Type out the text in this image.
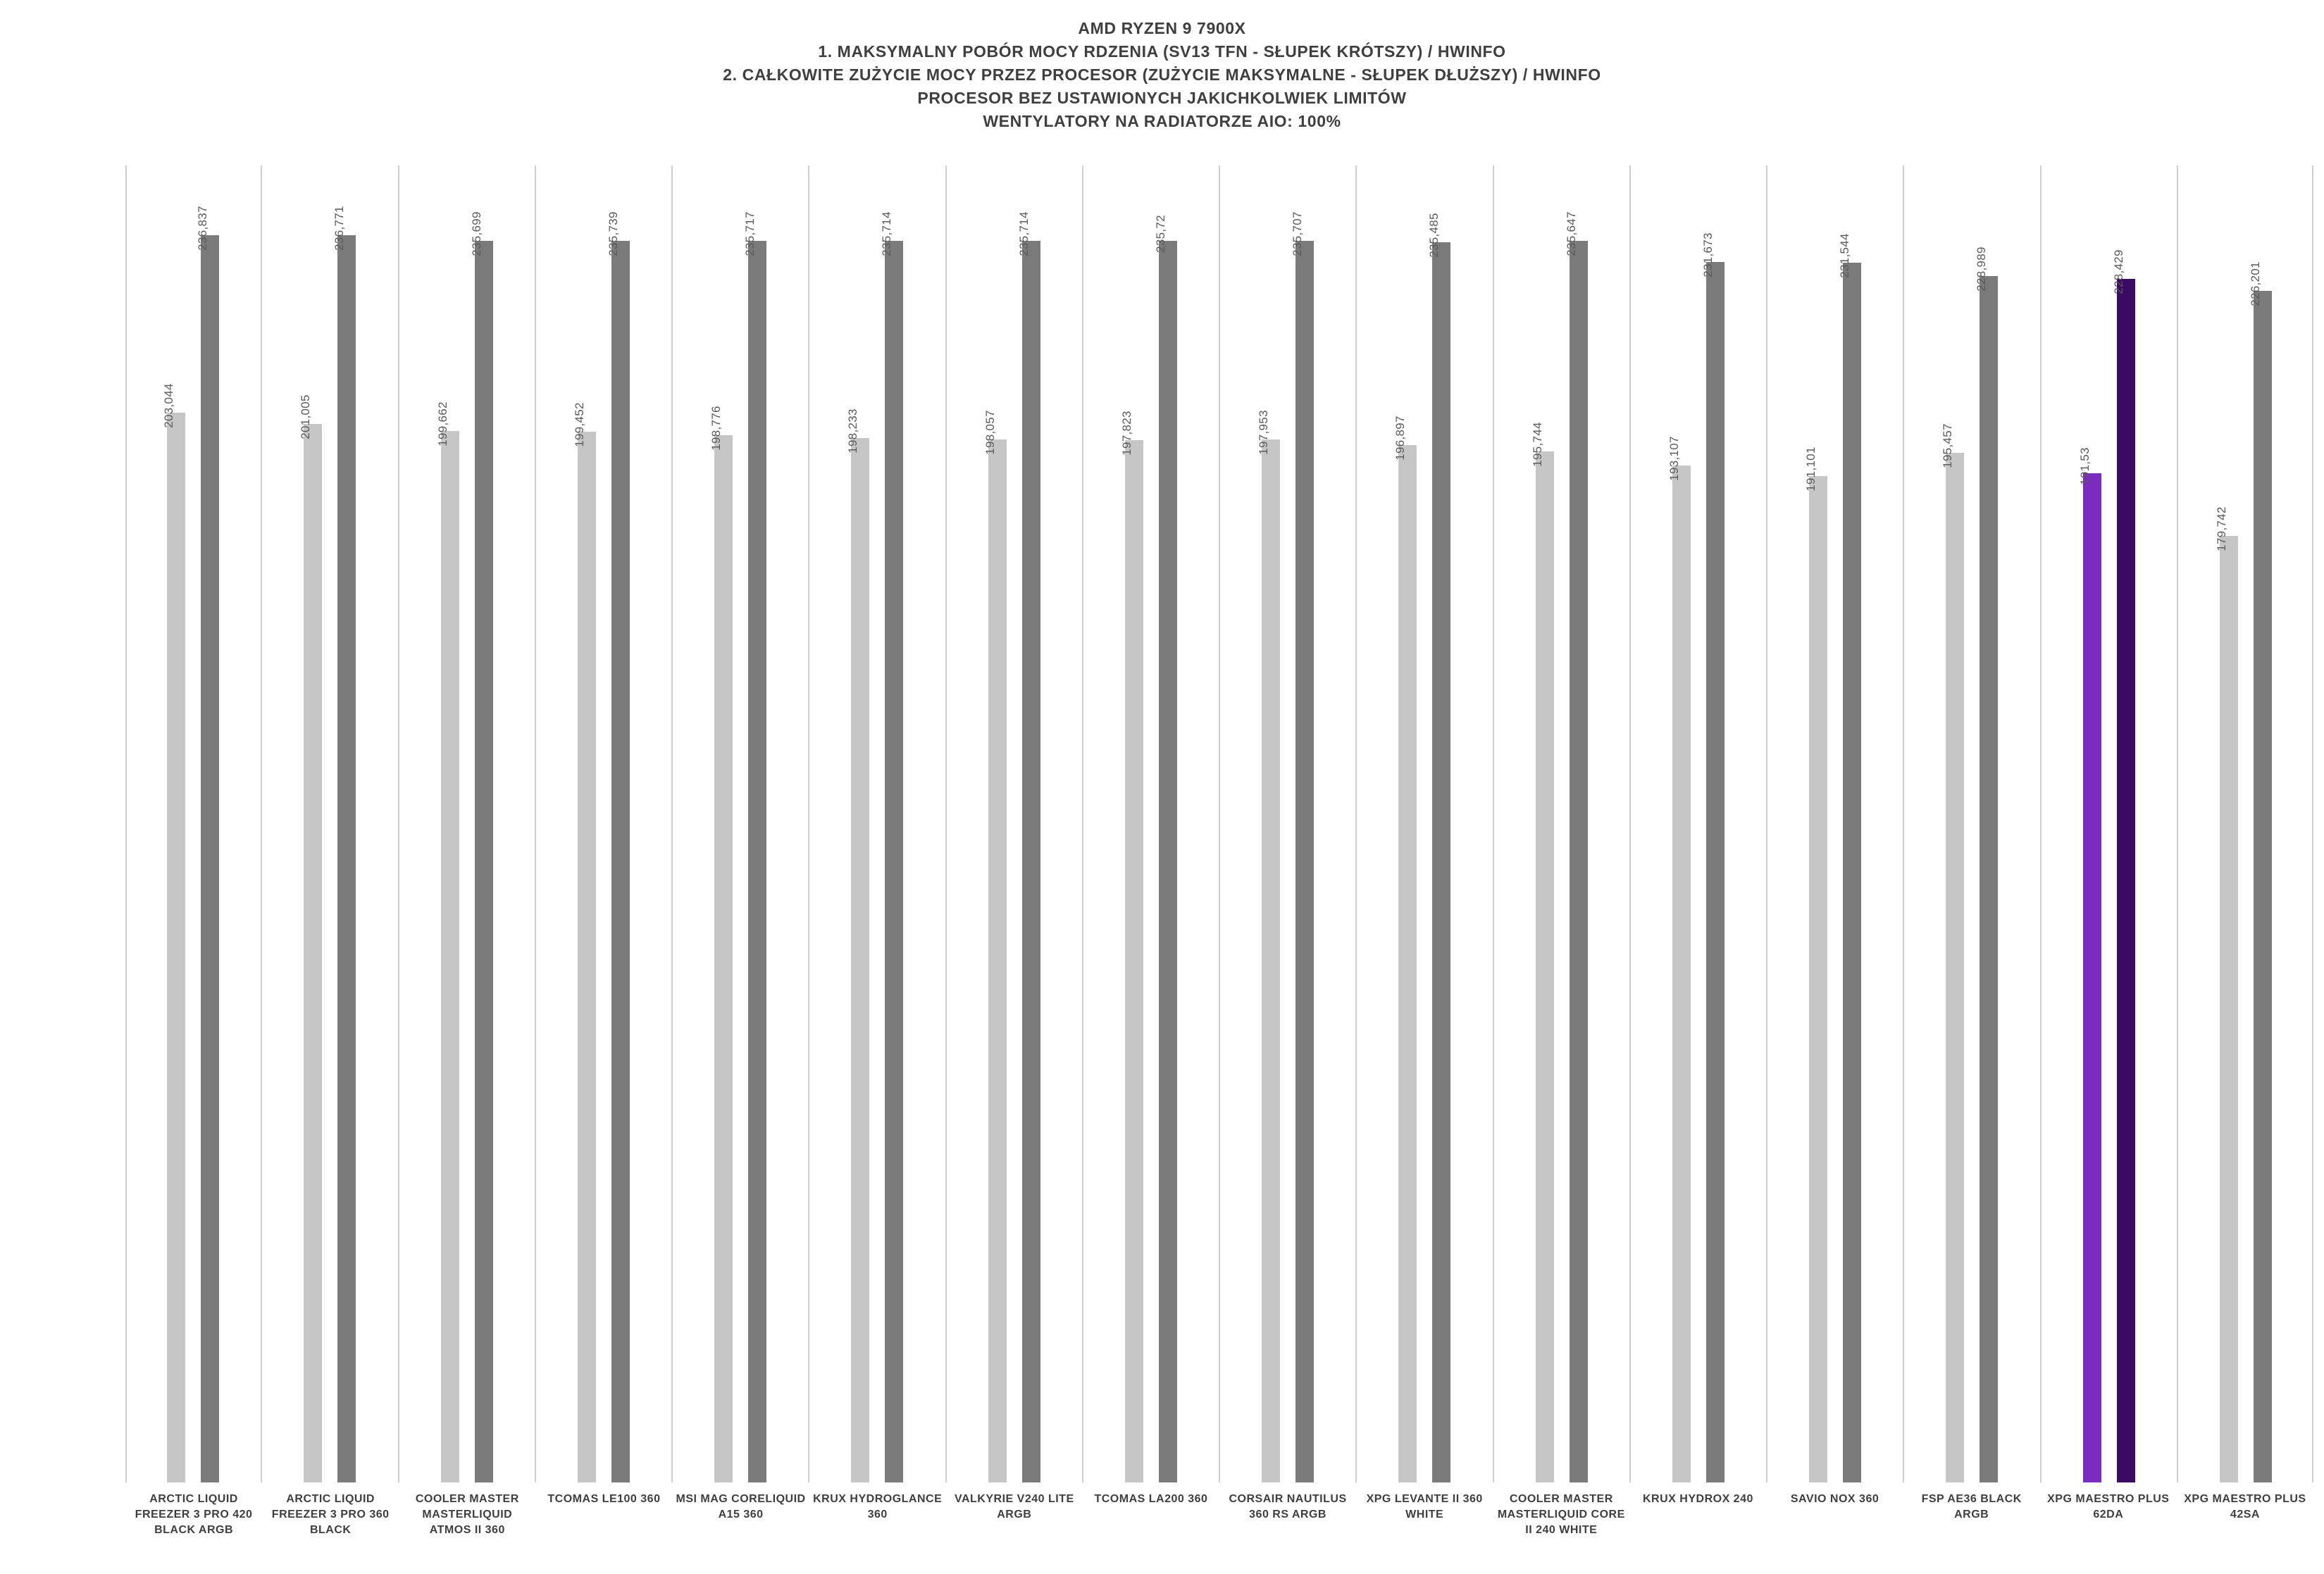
AMD RYZEN 9 7900X
1. MAKSYMALNY POBÓR MOCY RDZENIA (SV13 TFN - SŁUPEK KRÓTSZY) / HWINFO
2. CAŁKOWITE ZUŻYCIE MOCY PRZEZ PROCESOR (ZUŻYCIE MAKSYMALNE - SŁUPEK DŁUŻSZY) / HWINFO
PROCESOR BEZ USTAWIONYCH JAKICHKOLWIEK LIMITÓW
WENTYLATORY NA RADIATORZE AIO: 100%
203,044
236,837
201,005
236,771
199,662
235,699
199,452
235,739
198,776
235,717
198,233
235,714
198,057
235,714
197,823
235,72
197,953
235,707
196,897
235,485
195,744
235,647
193,107
231,673
191,101
231,544
195,457
228,989
191,53
228,429
179,742
226,201
ARCTIC LIQUID FREEZER 3 PRO 420 BLACK ARGB
ARCTIC LIQUID FREEZER 3 PRO 360 BLACK
COOLER MASTER MASTERLIQUID ATMOS II 360
TCOMAS LE100 360	MSI MAG CORELIQUID A15 360
KRUX HYDROGLANCE 360
VALKYRIE V240 LITE ARGB
TCOMAS LA200 360	CORSAIR NAUTILUS 360 RS ARGB
XPG LEVANTE II 360 WHITE
COOLER MASTER MASTERLIQUID CORE II 240 WHITE
KRUX HYDROX 240	SAVIO NOX 360	FSP AE36 BLACK ARGB
XPG MAESTRO PLUS 62DA
XPG MAESTRO PLUS 42SA
